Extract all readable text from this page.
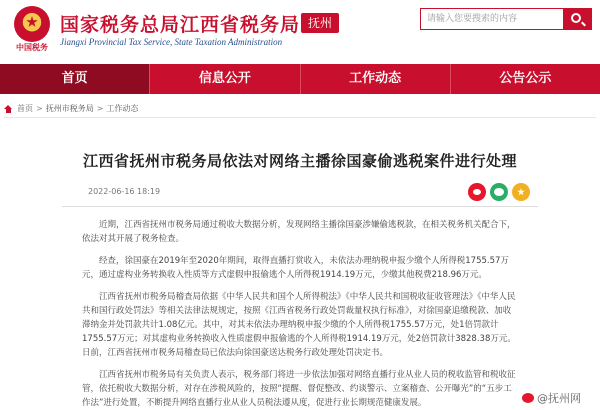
中国税务
国家税务总局江西省税务局
Jiangxi Provincial Tax Service, State Taxation Administration
抚州
请输入您要搜索的内容
首页	信息公开	工作动态	公告公示
首页 > 抚州市税务局 > 工作动态
江西省抚州市税务局依法对网络主播徐国豪偷逃税案件进行处理
2022-06-16 18:19

近期，江西省抚州市税务局通过税收大数据分析，发现网络主播徐国豪涉嫌偷逃税款，在相关税务机关配合下，依法对其开展了税务检查。

经查，徐国豪在2019年至2020年期间，取得直播打赏收入，未依法办理纳税申报少缴个人所得税1755.57万元，通过虚构业务转换收入性质等方式虚假申报偷逃个人所得税1914.19万元，少缴其他税费218.96万元。

江西省抚州市税务局稽查局依据《中华人民共和国个人所得税法》《中华人民共和国税收征收管理法》《中华人民共和国行政处罚法》等相关法律法规规定，按照《江西省税务行政处罚裁量权执行标准》，对徐国豪追缴税款、加收滞纳金并处罚款共计1.08亿元。其中，对其未依法办理纳税申报少缴的个人所得税1755.57万元，处1倍罚款计1755.57万元；对其虚构业务转换收入性质虚假申报偷逃的个人所得税1914.19万元，处2倍罚款计3828.38万元。日前，江西省抚州市税务局稽查局已依法向徐国豪送达税务行政处理处罚决定书。

江西省抚州市税务局有关负责人表示，税务部门将进一步依法加强对网络直播行业从业人员的税收监管和税收征管，依托税收大数据分析，对存在涉税风险的，按照“提醒、督促整改、约谈警示、立案稽查、公开曝光”的“五步工作法”进行处置，不断提升网络直播行业从业人员税法遵从度，促进行业长期规范健康发展。	@抚州网
